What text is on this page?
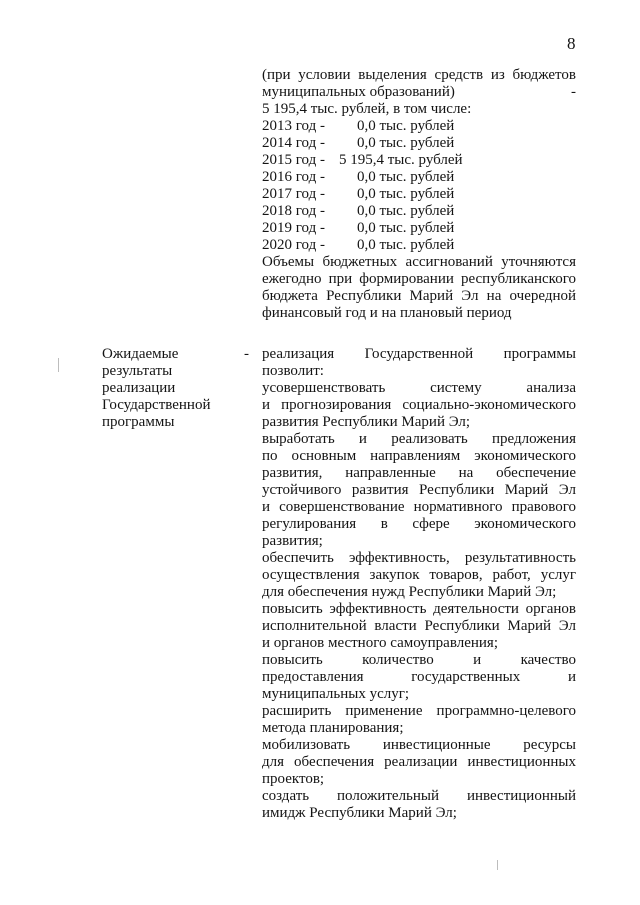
8
(при условии выделения средств из бюджетов
муниципальных образований)	-
5 195,4 тыс. рублей, в том числе:
2013 год - 0,0 тыс. рублей
2014 год - 0,0 тыс. рублей
2015 год - 5 195,4 тыс. рублей
2016 год - 0,0 тыс. рублей
2017 год - 0,0 тыс. рублей
2018 год - 0,0 тыс. рублей
2019 год - 0,0 тыс. рублей
2020 год - 0,0 тыс. рублей
Объемы бюджетных ассигнований уточняются
ежегодно при формировании республиканского
бюджета Республики Марий Эл на очередной
финансовый год и на плановый период
Ожидаемые
результаты
реализации
Государственной
программы
- реализация Государственной программы
позволит:
усовершенствовать систему анализа
и прогнозирования социально-экономического
развития Республики Марий Эл;
выработать и реализовать предложения
по основным направлениям экономического
развития, направленные на обеспечение
устойчивого развития Республики Марий Эл
и совершенствование нормативного правового
регулирования в сфере экономического
развития;
обеспечить эффективность, результативность
осуществления закупок товаров, работ, услуг
для обеспечения нужд Республики Марий Эл;
повысить эффективность деятельности органов
исполнительной власти Республики Марий Эл
и органов местного самоуправления;
повысить количество и качество
предоставления государственных и
муниципальных услуг;
расширить применение программно-целевого
метода планирования;
мобилизовать инвестиционные ресурсы
для обеспечения реализации инвестиционных
проектов;
создать положительный инвестиционный
имидж Республики Марий Эл;
